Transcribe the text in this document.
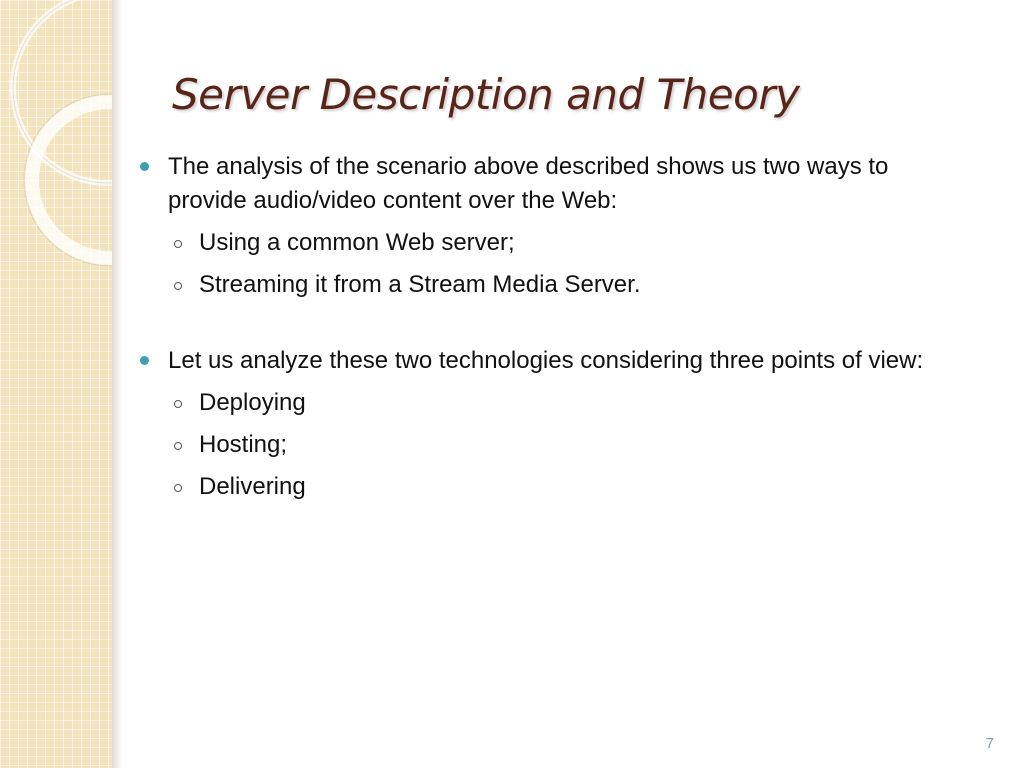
Server Description and Theory
The analysis of the scenario above described shows us two ways to provide audio/video content over the Web:
Using a common Web server;
Streaming it from a Stream Media Server.
Let us analyze these two technologies considering three points of view:
Deploying
Hosting;
Delivering
7
